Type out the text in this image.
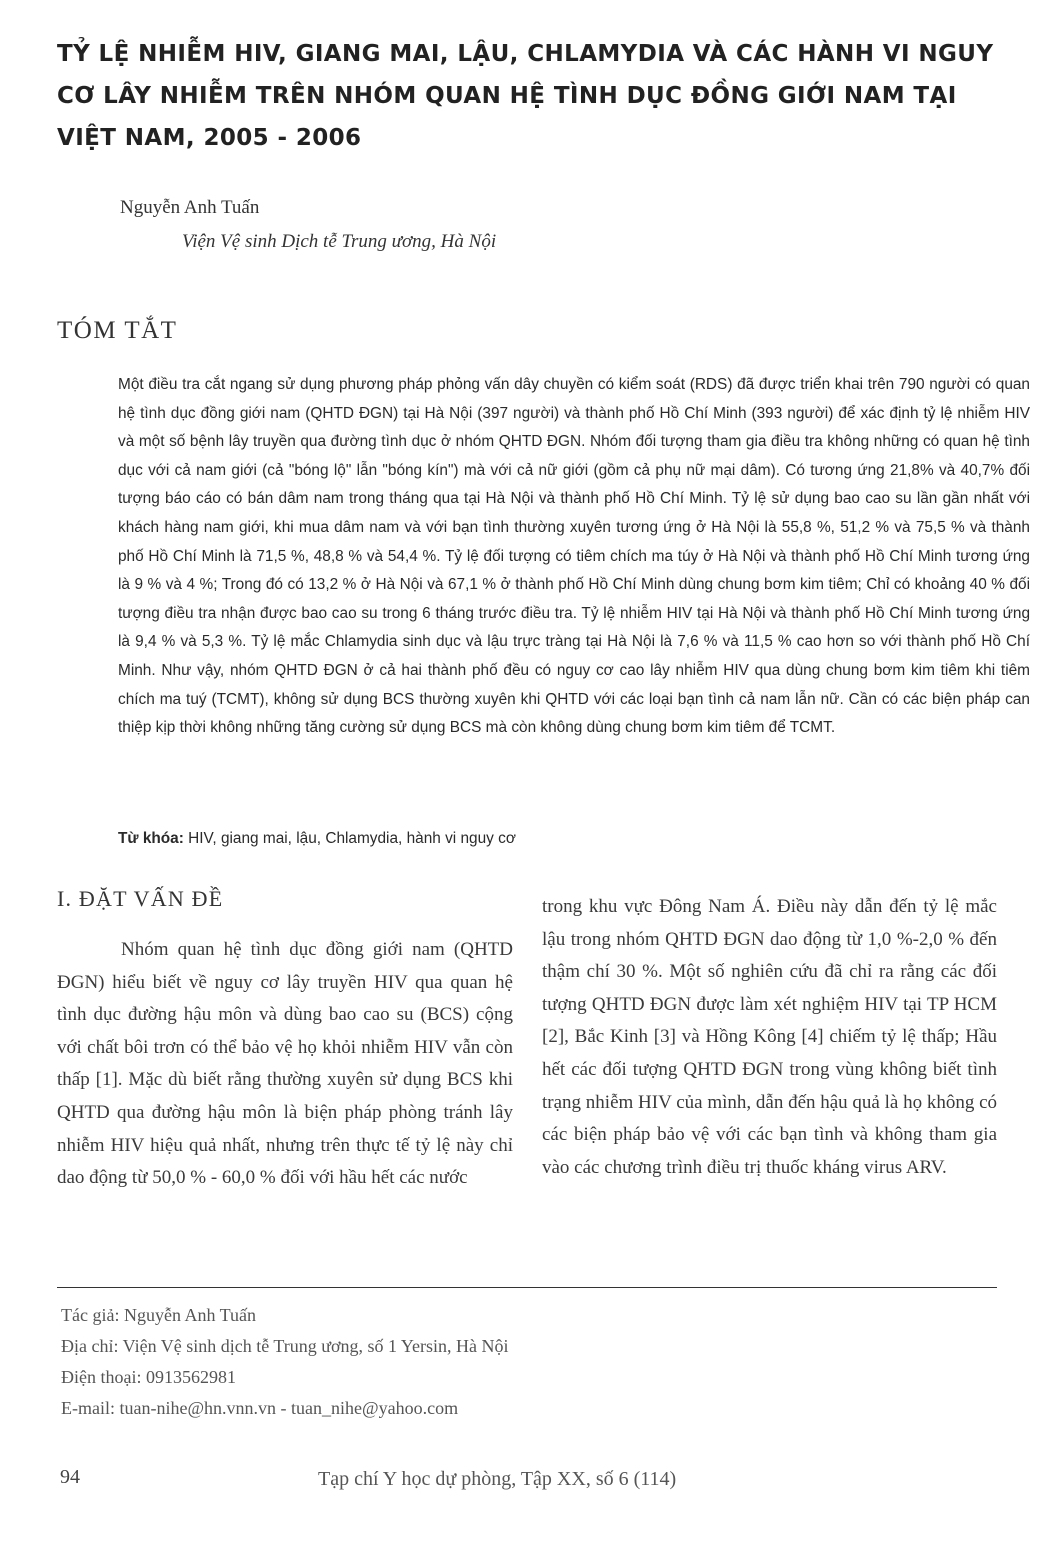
TỶ LỆ NHIỄM HIV, GIANG MAI, LẬU, CHLAMYDIA VÀ CÁC HÀNH VI NGUY CƠ LÂY NHIỄM TRÊN NHÓM QUAN HỆ TÌNH DỤC ĐỒNG GIỚI NAM TẠI VIỆT NAM, 2005 - 2006
Nguyễn Anh Tuấn
Viện Vệ sinh Dịch tễ Trung ương, Hà Nội
TÓM TẮT

Một điều tra cắt ngang sử dụng phương pháp phỏng vấn dây chuyền có kiểm soát (RDS) đã được triển khai trên 790 người có quan hệ tình dục đồng giới nam (QHTD ĐGN) tại Hà Nội (397 người) và thành phố Hồ Chí Minh (393 người) để xác định tỷ lệ nhiễm HIV và một số bệnh lây truyền qua đường tình dục ở nhóm QHTD ĐGN. Nhóm đối tượng tham gia điều tra không những có quan hệ tình dục với cả nam giới (cả "bóng lộ" lẫn "bóng kín") mà với cả nữ giới (gồm cả phụ nữ mại dâm). Có tương ứng 21,8% và 40,7% đối tượng báo cáo có bán dâm nam trong tháng qua tại Hà Nội và thành phố Hồ Chí Minh. Tỷ lệ sử dụng bao cao su lần gần nhất với khách hàng nam giới, khi mua dâm nam và với bạn tình thường xuyên tương ứng ở Hà Nội là 55,8 %, 51,2 % và 75,5 % và thành phố Hồ Chí Minh là 71,5 %, 48,8 % và 54,4 %. Tỷ lệ đối tượng có tiêm chích ma túy ở Hà Nội và thành phố Hồ Chí Minh tương ứng là 9 % và 4 %; Trong đó có 13,2 % ở Hà Nội và 67,1 % ở thành phố Hồ Chí Minh dùng chung bơm kim tiêm; Chỉ có khoảng 40 % đối tượng điều tra nhận được bao cao su trong 6 tháng trước điều tra. Tỷ lệ nhiễm HIV tại Hà Nội và thành phố Hồ Chí Minh tương ứng là 9,4 % và 5,3 %. Tỷ lệ mắc Chlamydia sinh dục và lậu trực tràng tại Hà Nội là 7,6 % và 11,5 % cao hơn so với thành phố Hồ Chí Minh. Như vậy, nhóm QHTD ĐGN ở cả hai thành phố đều có nguy cơ cao lây nhiễm HIV qua dùng chung bơm kim tiêm khi tiêm chích ma tuý (TCMT), không sử dụng BCS thường xuyên khi QHTD với các loại bạn tình cả nam lẫn nữ. Cần có các biện pháp can thiệp kịp thời không những tăng cường sử dụng BCS mà còn không dùng chung bơm kim tiêm để TCMT.

Từ khóa: HIV, giang mai, lậu, Chlamydia, hành vi nguy cơ
I. ĐẶT VẤN ĐỀ

Nhóm quan hệ tình dục đồng giới nam (QHTD ĐGN) hiểu biết về nguy cơ lây truyền HIV qua quan hệ tình dục đường hậu môn và dùng bao cao su (BCS) cộng với chất bôi trơn có thể bảo vệ họ khỏi nhiễm HIV vẫn còn thấp [1]. Mặc dù biết rằng thường xuyên sử dụng BCS khi QHTD qua đường hậu môn là biện pháp phòng tránh lây nhiễm HIV hiệu quả nhất, nhưng trên thực tế tỷ lệ này chỉ dao động từ 50,0 % - 60,0 % đối với hầu hết các nước

trong khu vực Đông Nam Á. Điều này dẫn đến tỷ lệ mắc lậu trong nhóm QHTD ĐGN dao động từ 1,0 %-2,0 % đến thậm chí 30 %. Một số nghiên cứu đã chỉ ra rằng các đối tượng QHTD ĐGN được làm xét nghiệm HIV tại TP HCM [2], Bắc Kinh [3] và Hồng Kông [4] chiếm tỷ lệ thấp; Hầu hết các đối tượng QHTD ĐGN trong vùng không biết tình trạng nhiễm HIV của mình, dẫn đến hậu quả là họ không có các biện pháp bảo vệ với các bạn tình và không tham gia vào các chương trình điều trị thuốc kháng virus ARV.

Tác giả: Nguyễn Anh Tuấn
Địa chỉ: Viện Vệ sinh dịch tễ Trung ương, số 1 Yersin, Hà Nội
Điện thoại: 0913562981
E-mail: tuan-nihe@hn.vnn.vn - tuan_nihe@yahoo.com
94	Tạp chí Y học dự phòng, Tập XX, số 6 (114)
